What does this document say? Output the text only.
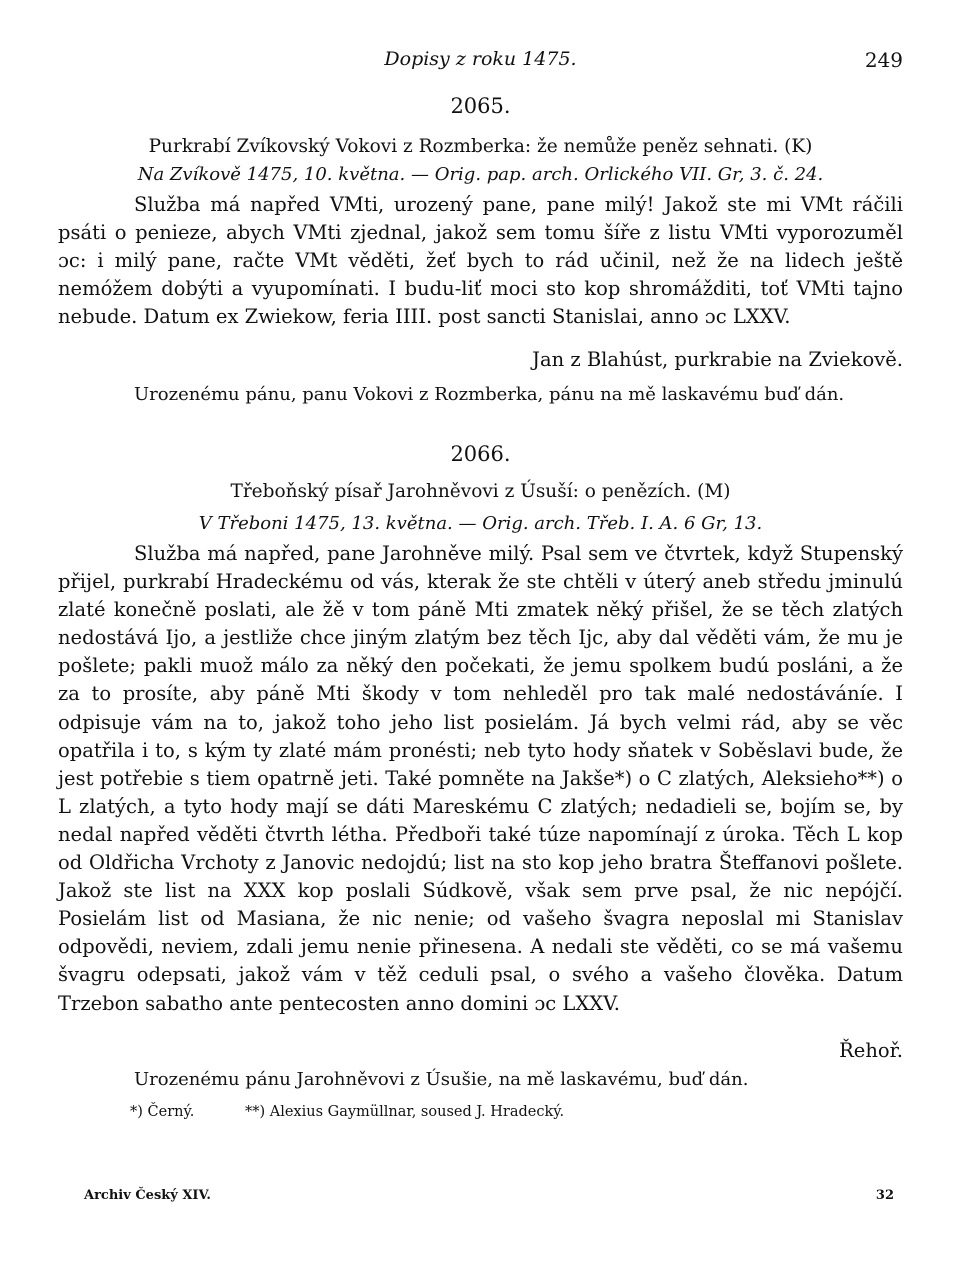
Dopisy z roku 1475.	249
2065.
Purkrabí Zvíkovský Vokovi z Rozmberka: že nemůže peněz sehnati. (K)
Na Zvíkově 1475, 10. května. — Orig. pap. arch. Orlického VII. Gr, 3. č. 24.
Služba má napřed VMti, urozený pane, pane milý! Jakož ste mi VMt ráčili psáti o penieze, abych VMti zjednal, jakož sem tomu šíře z listu VMti vyporozuměl ɔc: i milý pane, račte VMt věděti, žeť bych to rád učinil, než že na lidech ještě nemóžem dobýti a vyupomínati. I budu-liť moci sto kop shromážditi, toť VMti tajno nebude. Datum ex Zwiekow, feria IIII. post sancti Stanislai, anno ɔc LXXV.
Jan z Blahúst, purkrabie na Zviekově.
Urozenému pánu, panu Vokovi z Rozmberka, pánu na mě laskavému buď dán.
2066.
Třeboňský písař Jarohněvovi z Úsuší: o penězích. (M)
V Třeboni 1475, 13. května. — Orig. arch. Třeb. I. A. 6 Gr, 13.
Služba má napřed, pane Jarohněve milý. Psal sem ve čtvrtek, když Stupenský přijel, purkrabí Hradeckému od vás, kterak že ste chtěli v úterý aneb středu jminulú zlaté konečně poslati, ale žě v tom páně Mti zmatek něký přišel, že se těch zlatých nedostává Ijo, a jestliže chce jiným zlatým bez těch Ijc, aby dal věděti vám, že mu je pošlete; pakli muož málo za něký den počekati, že jemu spolkem budú posláni, a že za to prosíte, aby páně Mti škody v tom nehleděl pro tak malé nedostáváníe. I odpisuje vám na to, jakož toho jeho list posielám. Já bych velmi rád, aby se věc opatřila i to, s kým ty zlaté mám pronésti; neb tyto hody sňatek v Soběslavi bude, že jest potřebie s tiem opatrně jeti. Také pomněte na Jakše*) o C zlatých, Aleksieho**) o L zlatých, a tyto hody mají se dáti Mareskému C zlatých; nedadieli se, bojím se, by nedal napřed věděti čtvrth létha. Předboři také túze napomínají z úroka. Těch L kop od Oldřicha Vrchoty z Janovic nedojdú; list na sto kop jeho bratra Šteffanovi pošlete. Jakož ste list na XXX kop poslali Súdkově, však sem prve psal, že nic nepójčí. Posielám list od Masiana, že nic nenie; od vašeho švagra neposlal mi Stanislav odpovědi, neviem, zdali jemu nenie přinesena. A nedali ste věděti, co se má vašemu švagru odepsati, jakož vám v těž ceduli psal, o svého a vašeho člověka. Datum Trzebon sabatho ante pentecosten anno domini ɔc LXXV.
Řehoř.
Urozenému pánu Jarohněvovi z Úsušie, na mě laskavému, buď dán.
*) Černý.	**) Alexius Gaymüllnar, soused J. Hradecký.
Archiv Český XIV.	32
